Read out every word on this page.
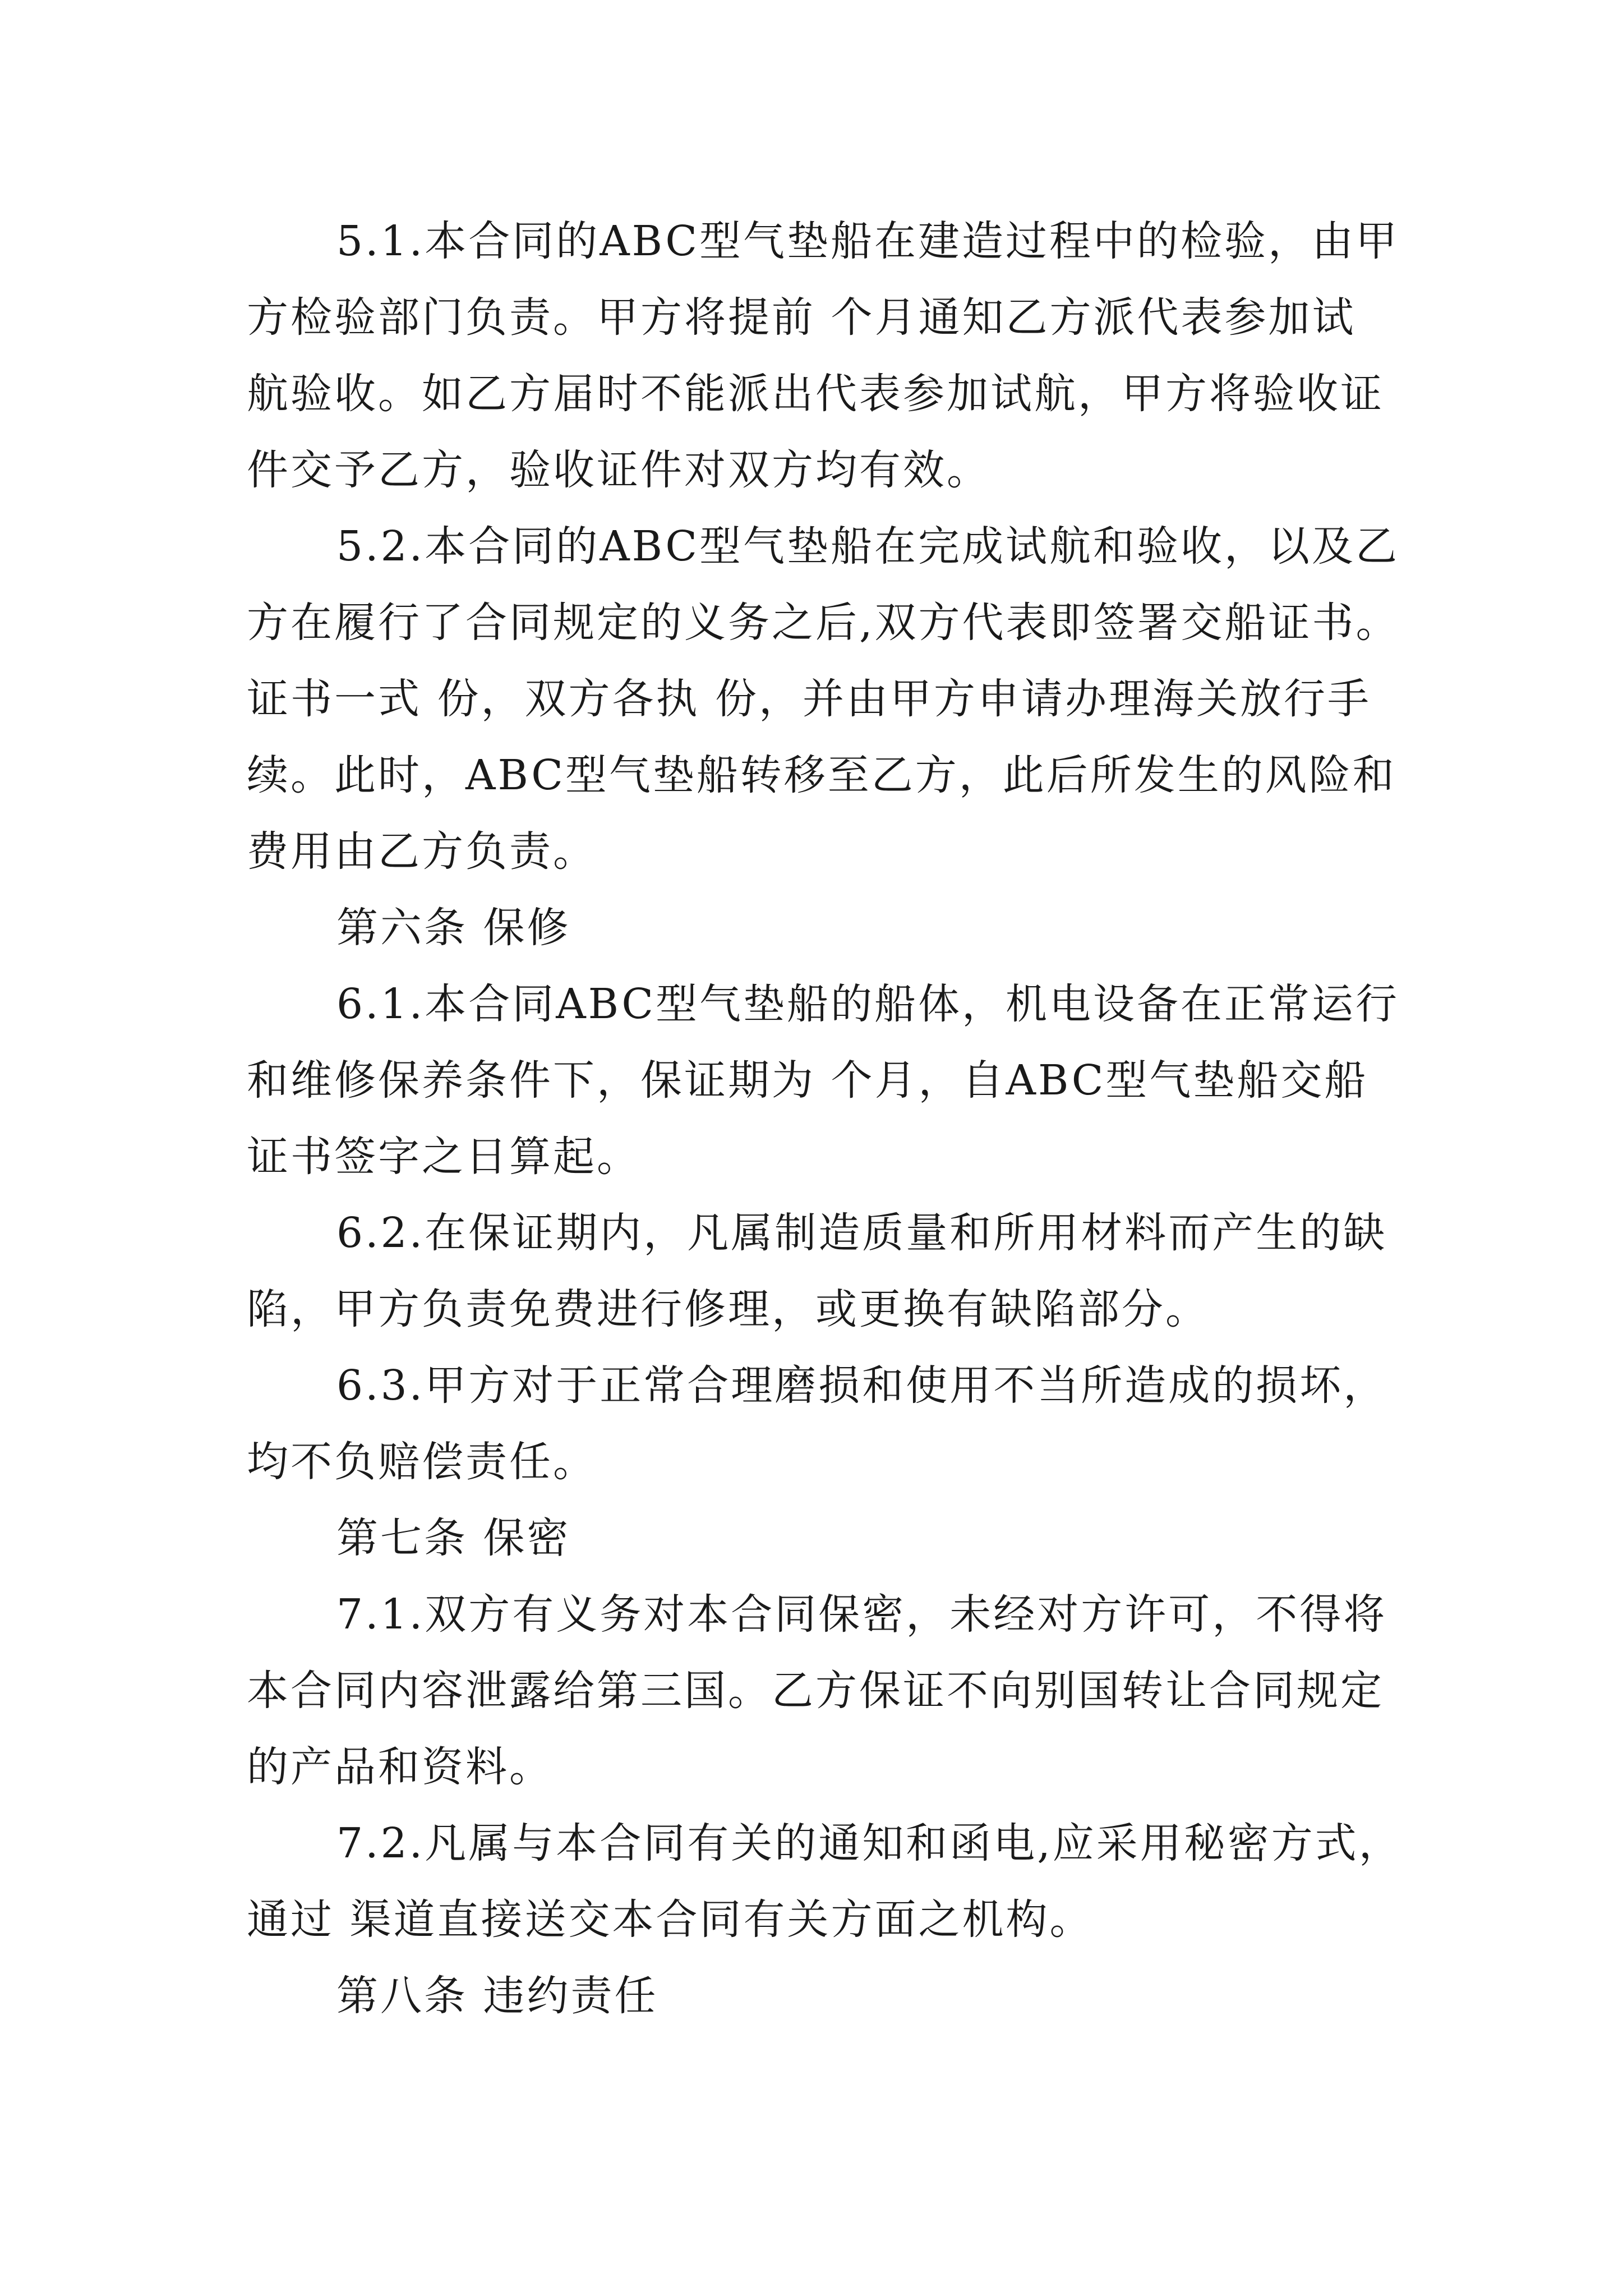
5.1.本合同的ABC型气垫船在建造过程中的检验，由甲

方检验部门负责。甲方将提前 个月通知乙方派代表参加试

航验收。如乙方届时不能派出代表参加试航，甲方将验收证

件交予乙方，验收证件对双方均有效。

5.2.本合同的ABC型气垫船在完成试航和验收，以及乙

方在履行了合同规定的义务之后,双方代表即签署交船证书。

证书一式 份，双方各执 份，并由甲方申请办理海关放行手

续。此时，ABC型气垫船转移至乙方，此后所发生的风险和

费用由乙方负责。

第六条 保修

6.1.本合同ABC型气垫船的船体，机电设备在正常运行

和维修保养条件下，保证期为 个月，自ABC型气垫船交船

证书签字之日算起。

6.2.在保证期内，凡属制造质量和所用材料而产生的缺

陷，甲方负责免费进行修理，或更换有缺陷部分。

6.3.甲方对于正常合理磨损和使用不当所造成的损坏，

均不负赔偿责任。

第七条 保密

7.1.双方有义务对本合同保密，未经对方许可，不得将

本合同内容泄露给第三国。乙方保证不向别国转让合同规定

的产品和资料。

7.2.凡属与本合同有关的通知和函电,应采用秘密方式，

通过 渠道直接送交本合同有关方面之机构。

第八条 违约责任
